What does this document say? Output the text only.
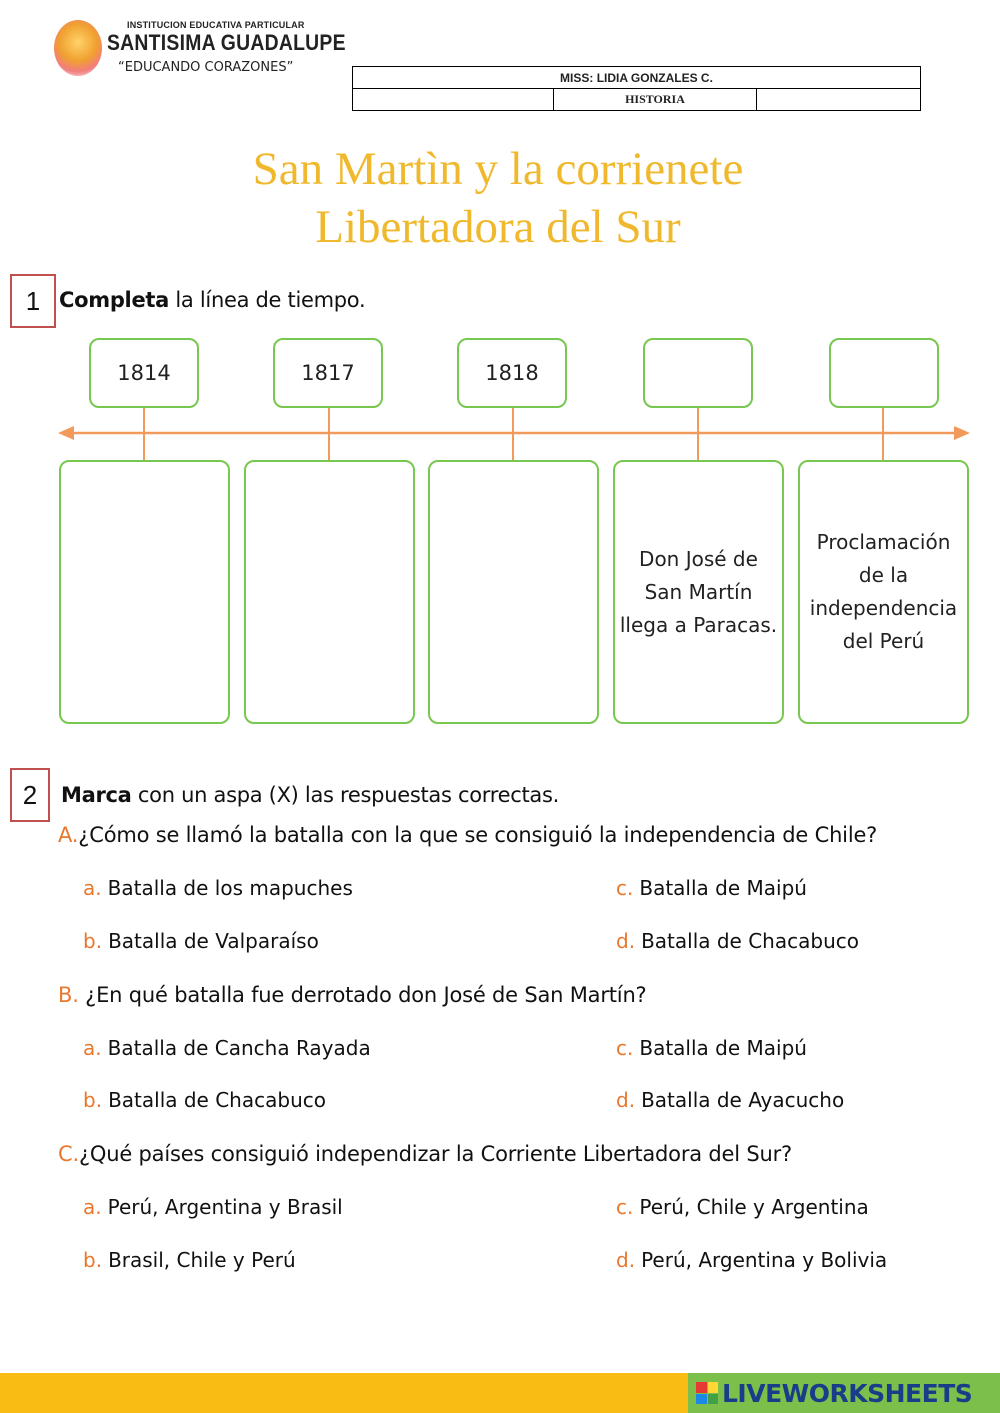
INSTITUCION EDUCATIVA PARTICULAR
SANTISIMA GUADALUPE
“EDUCANDO CORAZONES”
MISS: LIDIA GONZALES C.
	HISTORIA	
San Martìn y la corrienete
Libertadora del Sur
1 Completa la línea de tiempo.
1814	1817	1818
Don José de San Martín llega a Paracas.
Proclamación de la independencia del Perú
2	Marca con un aspa (X) las respuestas correctas.
A.¿Cómo se llamó la batalla con la que se consiguió la independencia de Chile?
a. Batalla de los mapuches	c. Batalla de Maipú
b. Batalla de Valparaíso	d. Batalla de Chacabuco
B. ¿En qué batalla fue derrotado don José de San Martín?
a. Batalla de Cancha Rayada	c. Batalla de Maipú
b. Batalla de Chacabuco	d. Batalla de Ayacucho
C.¿Qué países consiguió independizar la Corriente Libertadora del Sur?
a. Perú, Argentina y Brasil	c. Perú, Chile y Argentina
b. Brasil, Chile y Perú	d. Perú, Argentina y Bolivia
LIVEWORKSHEETS
